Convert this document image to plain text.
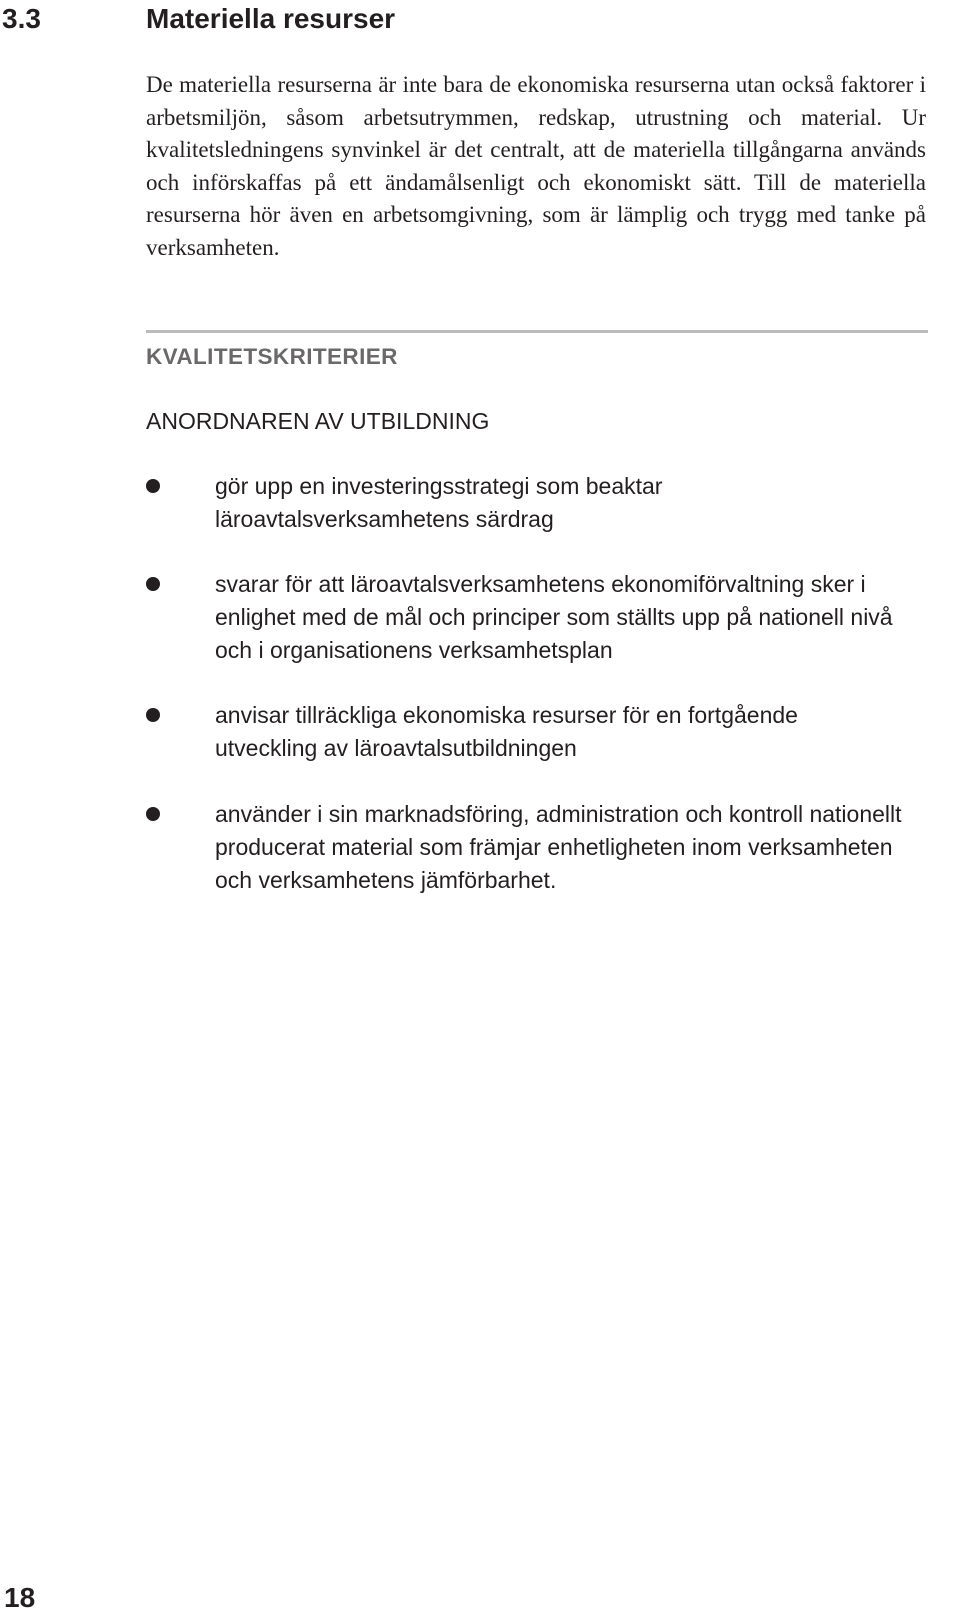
3.3	Materiella resurser

De materiella resurserna är inte bara de ekonomiska resurserna utan också faktorer i arbetsmiljön, såsom arbetsutrymmen, redskap, utrustning och material. Ur kvalitetsledningens synvinkel är det centralt, att de materiella tillgångarna används och införskaffas på ett ändamålsenligt och ekonomiskt sätt. Till de materiella resurserna hör även en arbetsomgivning, som är lämplig och trygg med tanke på verksamheten.

KVALITETSKRITERIER
ANORDNAREN AV UTBILDNING

gör upp en investeringsstrategi som beaktar läroavtalsverksamhetens särdrag

svarar för att läroavtalsverksamhetens ekonomiförvaltning sker i enlighet med de mål och principer som ställts upp på nationell nivå och i organisationens verksamhetsplan

anvisar tillräckliga ekonomiska resurser för en fortgående utveckling av läroavtalsutbildningen

använder i sin marknadsföring, administration och kontroll nationellt producerat material som främjar enhetligheten inom verksamheten och verksamhetens jämförbarhet.

18
